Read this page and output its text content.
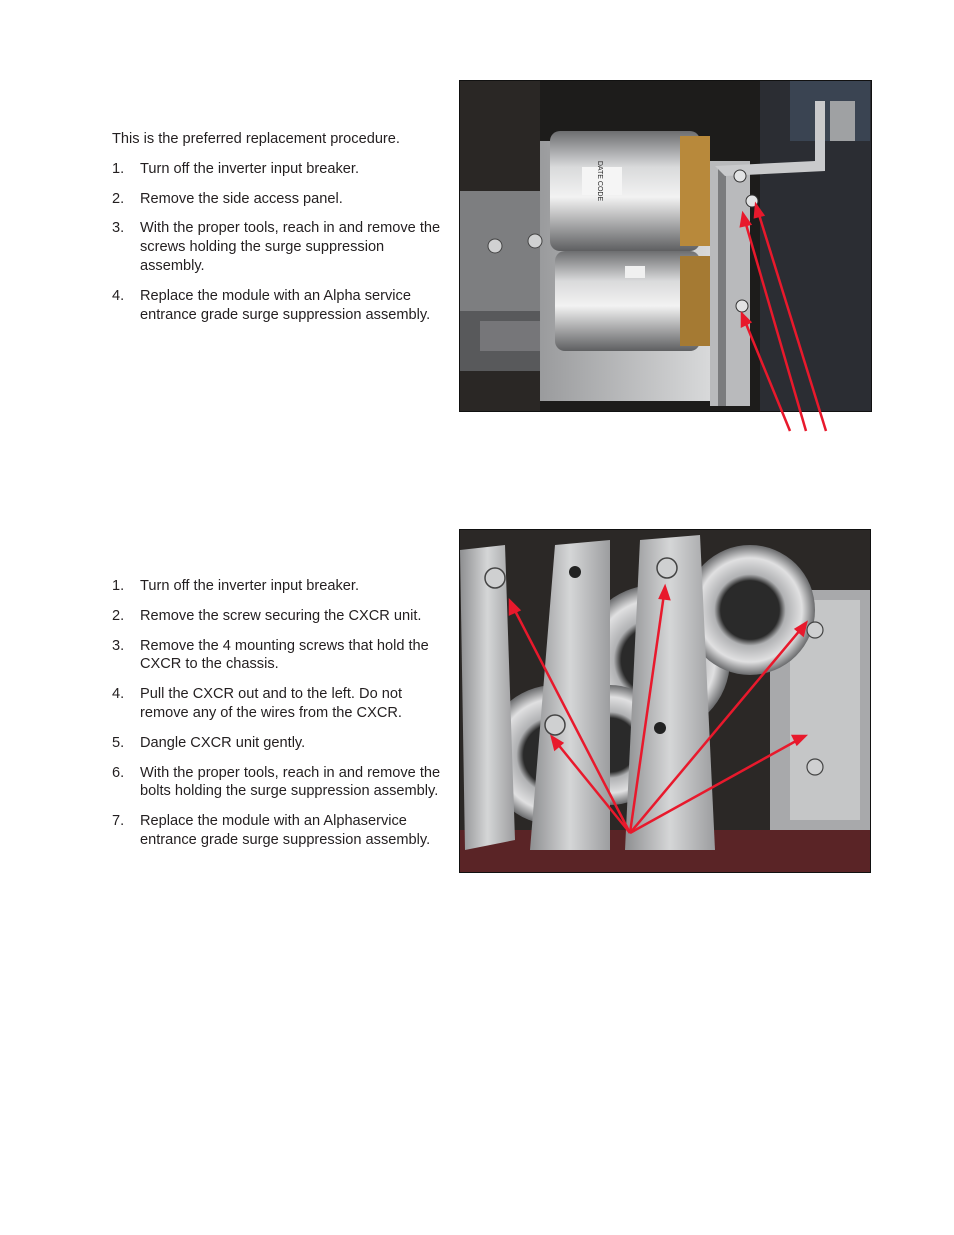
This is the preferred replacement procedure.

1. Turn off the inverter input breaker.
2. Remove the side access panel.
3. With the proper tools, reach in and remove the screws holding the surge suppression assembly.
4. Replace the module with an Alpha service entrance grade surge suppression assembly.
DATE CODE
1. Turn off the inverter input breaker.
2. Remove the screw securing the CXCR unit.
3. Remove the 4 mounting screws that hold the CXCR to the chassis.
4. Pull the CXCR out and to the left. Do not remove any of the wires from the CXCR.
5. Dangle CXCR unit gently.
6. With the proper tools, reach in and remove the bolts holding the surge suppression assembly.
7. Replace the module with an Alphaservice entrance grade surge suppression assembly.
